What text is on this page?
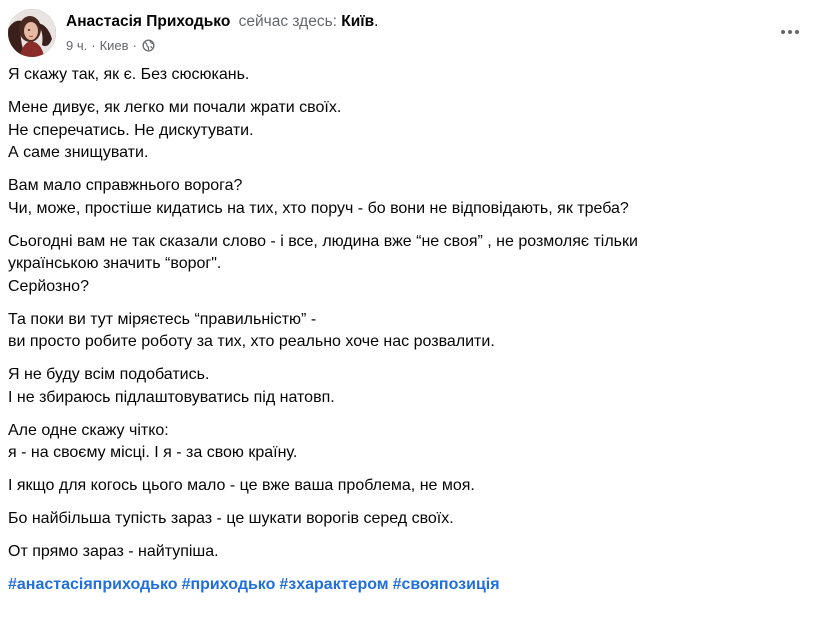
Анастасія Приходько сейчас здесь: Київ.
9 ч. · Киев ·
Я скажу так, як є. Без сюсюкань.
Мене дивує, як легко ми почали жрати своїх.
Не сперечатись. Не дискутувати.
А саме знищувати.
Вам мало справжнього ворога?
Чи, може, простіше кидатись на тих, хто поруч - бо вони не відповідають, як треба?
Сьогодні вам не так сказали слово - і все, людина вже “не своя” , не розмоляє тільки
українською значить “ворог".
Серйозно?
Та поки ви тут міряєтесь “правильністю” -
ви просто робите роботу за тих, хто реально хоче нас розвалити.
Я не буду всім подобатись.
І не збираюсь підлаштовуватись під натовп.
Але одне скажу чітко:
я - на своєму місці. І я - за свою країну.
І якщо для когось цього мало - це вже ваша проблема, не моя.
Бо найбільша тупість зараз - це шукати ворогів серед своїх.
От прямо зараз - найтупіша.
#анастасіяприходько #приходько #зхарактером #свояпозиція
